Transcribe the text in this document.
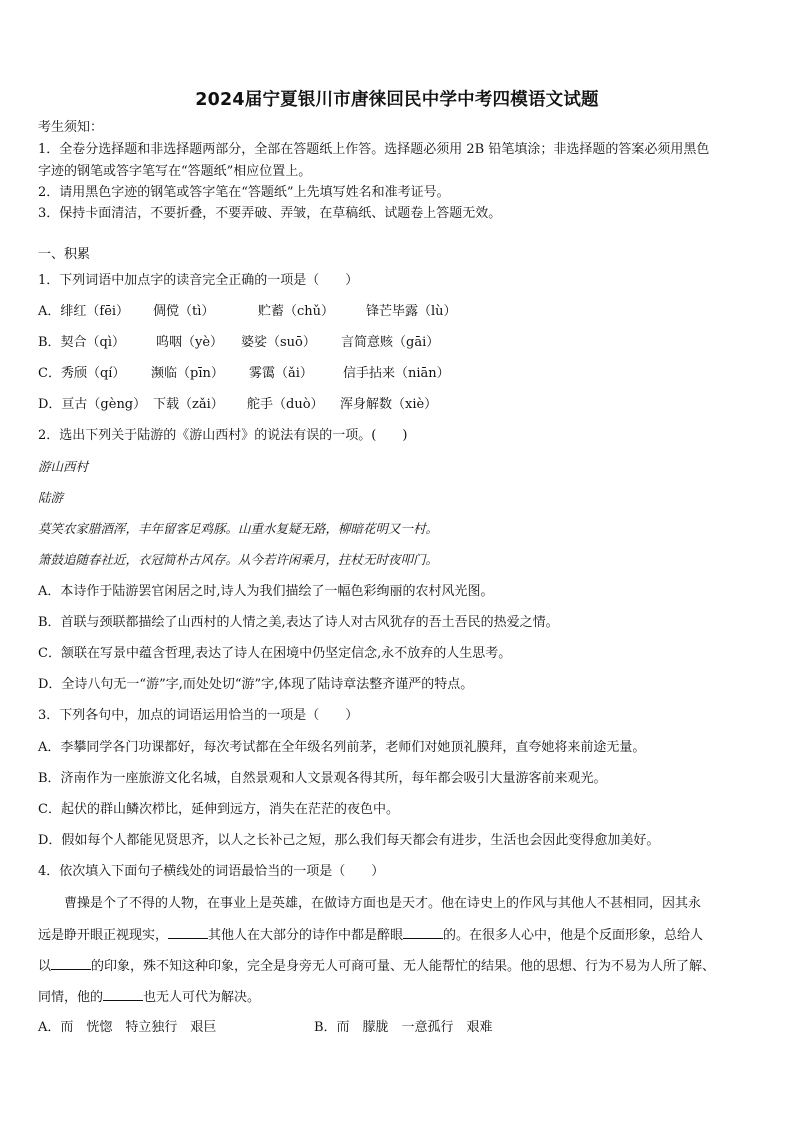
2024届宁夏银川市唐徕回民中学中考四模语文试题
考生须知：
1．全卷分选择题和非选择题两部分，全部在答题纸上作答。选择题必须用 2B 铅笔填涂；非选择题的答案必须用黑色
字迹的钢笔或答字笔写在“答题纸”相应位置上。
2．请用黑色字迹的钢笔或答字笔在“答题纸”上先填写姓名和准考证号。
3．保持卡面清洁，不要折叠，不要弄破、弄皱，在草稿纸、试题卷上答题无效。
一、积累
1．下列词语中加点字的读音完全正确的一项是（　　）
A．绯红（fēi） 倜傥（tì）	贮蓄（chǔ） 锋芒毕露（lù）
B．契合（qì） 呜咽（yè） 婆娑（suō） 言简意赅（gāi）
C．秀颀（qí） 濒临（pīn） 雾霭（ǎi） 信手拈来（niān）
D．亘古（gèng） 下载（zǎi） 舵手（duò） 浑身解数（xiè）
2．选出下列关于陆游的《游山西村》的说法有误的一项。(　　)
游山西村
陆游
莫笑农家腊酒浑，丰年留客足鸡豚。山重水复疑无路，柳暗花明又一村。
箫鼓追随春社近，衣冠简朴古风存。从今若许闲乘月，拄杖无时夜叩门。
A．本诗作于陆游罢官闲居之时,诗人为我们描绘了一幅色彩绚丽的农村风光图。
B．首联与颈联都描绘了山西村的人情之美,表达了诗人对古风犹存的吾土吾民的热爱之情。
C．颔联在写景中蕴含哲理,表达了诗人在困境中仍坚定信念,永不放弃的人生思考。
D．全诗八句无一“游”字,而处处切“游”字,体现了陆诗章法整齐谨严的特点。
3．下列各句中，加点的词语运用恰当的一项是（　　）
A．李攀同学各门功课都好，每次考试都在全年级名列前茅，老师们对她顶礼膜拜，直夸她将来前途无量。
B．济南作为一座旅游文化名城，自然景观和人文景观各得其所，每年都会吸引大量游客前来观光。
C．起伏的群山鳞次栉比，延伸到远方，消失在茫茫的夜色中。
D．假如每个人都能见贤思齐，以人之长补己之短，那么我们每天都会有进步，生活也会因此变得愈加美好。
4．依次填入下面句子横线处的词语最恰当的一项是（　　）
曹操是个了不得的人物，在事业上是英雄，在做诗方面也是天才。他在诗史上的作风与其他人不甚相同，因其永
远是睁开眼正视现实，	其他人在大部分的诗作中都是醉眼	的。在很多人心中，他是个反面形象，总给人
以	的印象，殊不知这种印象，完全是身旁无人可商可量、无人能帮忙的结果。他的思想、行为不易为人所了解、
同情，他的	也无人可代为解决。
A．而　恍惚　特立独行　艰巨	B．而　朦胧　一意孤行　艰难
